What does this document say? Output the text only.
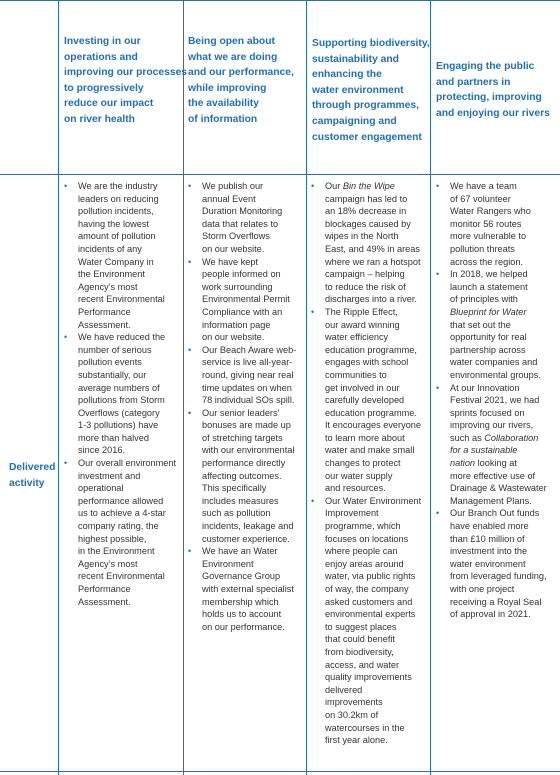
Investing in our
operations and
improving our processes
to progressively
reduce our impact
on river health
Being open about
what we are doing
and our performance,
while improving
the availability
of information
Supporting biodiversity,
sustainability and
enhancing the
water environment
through programmes,
campaigning and
customer engagement
Engaging the public
and partners in
protecting, improving
and enjoying our rivers
Delivered
activity
• We are the industry
leaders on reducing
pollution incidents,
having the lowest
amount of pollution
incidents of any
Water Company in
the Environment
Agency’s most
recent Environmental
Performance
Assessment.
• We have reduced the
number of serious
pollution events
substantially, our
average numbers of
pollutions from Storm
Overflows (category
1-3 pollutions) have
more than halved
since 2016.
• Our overall environment
investment and
operational
performance allowed
us to achieve a 4-star
company rating, the
highest possible,
in the Environment
Agency’s most
recent Environmental
Performance
Assessment.
• We publish our
annual Event
Duration Monitoring
data that relates to
Storm Overflows
on our website.
• We have kept
people informed on
work surrounding
Environmental Permit
Compliance with an
information page
on our website.
• Our Beach Aware web-
service is live all-year-
round, giving near real
time updates on when
78 individual SOs spill.
• Our senior leaders’
bonuses are made up
of stretching targets
with our environmental
performance directly
affecting outcomes.
This specifically
includes measures
such as pollution
incidents, leakage and
customer experience.
• We have an Water
Environment
Governance Group
with external specialist
membership which
holds us to account
on our performance.
• Our Bin the Wipe
campaign has led to
an 18% decrease in
blockages caused by
wipes in the North
East, and 49% in areas
where we ran a hotspot
campaign – helping
to reduce the risk of
discharges into a river.
• The Ripple Effect,
our award winning
water efficiency
education programme,
engages with school
communities to
get involved in our
carefully developed
education programme.
It encourages everyone
to learn more about
water and make small
changes to protect
our water supply
and resources.
• Our Water Environment
Improvement
programme, which
focuses on locations
where people can
enjoy areas around
water, via public rights
of way, the company
asked customers and
environmental experts
to suggest places
that could benefit
from biodiversity,
access, and water
quality improvements
delivered
improvements
on 30.2km of
watercourses in the
first year alone.
• We have a team
of 67 volunteer
Water Rangers who
monitor 56 routes
more vulnerable to
pollution threats
across the region.
• In 2018, we helped
launch a statement
of principles with
Blueprint for Water
that set out the
opportunity for real
partnership across
water companies and
environmental groups.
• At our Innovation
Festival 2021, we had
sprints focused on
improving our rivers,
such as Collaboration
for a sustainable
nation looking at
more effective use of
Drainage & Wastewater
Management Plans.
• Our Branch Out funds
have enabled more
than £10 million of
investment into the
water environment
from leveraged funding,
with one project
receiving a Royal Seal
of approval in 2021.
